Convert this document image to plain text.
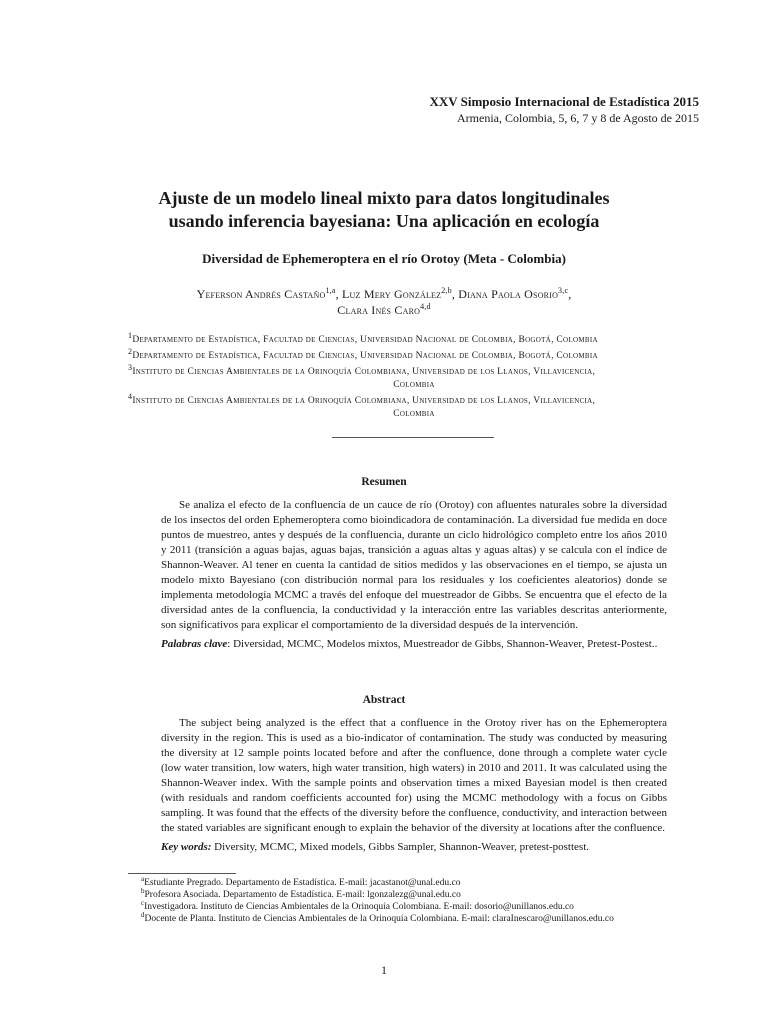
XXV Simposio Internacional de Estadística 2015
Armenia, Colombia, 5, 6, 7 y 8 de Agosto de 2015
Ajuste de un modelo lineal mixto para datos longitudinales
usando inferencia bayesiana: Una aplicación en ecología
Diversidad de Ephemeroptera en el río Orotoy (Meta - Colombia)
Yeferson Andrés Castaño$^{1,a}$, Luz Mery González$^{2,b}$, Diana Paola Osorio$^{3,c}$,
Clara Inés Caro$^{4,d}$
$^1$Departamento de Estadística, Facultad de Ciencias, Universidad Nacional de Colombia, Bogotá, Colombia
$^2$Departamento de Estadística, Facultad de Ciencias, Universidad Nacional de Colombia, Bogotá, Colombia
$^3$Instituto de Ciencias Ambientales de la Orinoquía Colombiana, Universidad de los Llanos, Villavicencia,
Colombia
$^4$Instituto de Ciencias Ambientales de la Orinoquía Colombiana, Universidad de los Llanos, Villavicencia,
Colombia
Resumen
Se analiza el efecto de la confluencia de un cauce de río (Orotoy) con afluentes naturales sobre la diversidad de los insectos del orden Ephemeroptera como bioindicadora de contaminación. La diversidad fue medida en doce puntos de muestreo, antes y después de la confluencia, durante un ciclo hidrológico completo entre los años 2010 y 2011 (transición a aguas bajas, aguas bajas, transición a aguas altas y aguas altas) y se calcula con el índice de Shannon-Weaver. Al tener en cuenta la cantidad de sitios medidos y las observaciones en el tiempo, se ajusta un modelo mixto Bayesiano (con distribución normal para los residuales y los coeficientes aleatorios) donde se implementa metodología MCMC a través del enfoque del muestreador de Gibbs. Se encuentra que el efecto de la diversidad antes de la confluencia, la conductividad y la interacción entre las variables descritas anteriormente, son significativos para explicar el comportamiento de la diversidad después de la intervención.
Palabras clave: Diversidad, MCMC, Modelos mixtos, Muestreador de Gibbs, Shannon-Weaver, Pretest-Postest..
Abstract
The subject being analyzed is the effect that a confluence in the Orotoy river has on the Ephemeroptera diversity in the region. This is used as a bio-indicator of contamination. The study was conducted by measuring the diversity at 12 sample points located before and after the confluence, done through a complete water cycle (low water transition, low waters, high water transition, high waters) in 2010 and 2011. It was calculated using the Shannon-Weaver index. With the sample points and observation times a mixed Bayesian model is then created (with residuals and random coefficients accounted for) using the MCMC methodology with a focus on Gibbs sampling. It was found that the effects of the diversity before the confluence, conductivity, and interaction between the stated variables are significant enough to explain the behavior of the diversity at locations after the confluence.
Key words: Diversity, MCMC, Mixed models, Gibbs Sampler, Shannon-Weaver, pretest-posttest.
$^a$Estudiante Pregrado. Departamento de Estadística. E-mail: jacastanot@unal.edu.co
$^b$Profesora Asociada. Departamento de Estadística. E-mail: lgonzalezg@unal.edu.co
$^c$Investigadora. Instituto de Ciencias Ambientales de la Orinoquía Colombiana. E-mail: dosorio@unillanos.edu.co
$^d$Docente de Planta. Instituto de Ciencias Ambientales de la Orinoquía Colombiana. E-mail: claraInescaro@unillanos.edu.co
1
